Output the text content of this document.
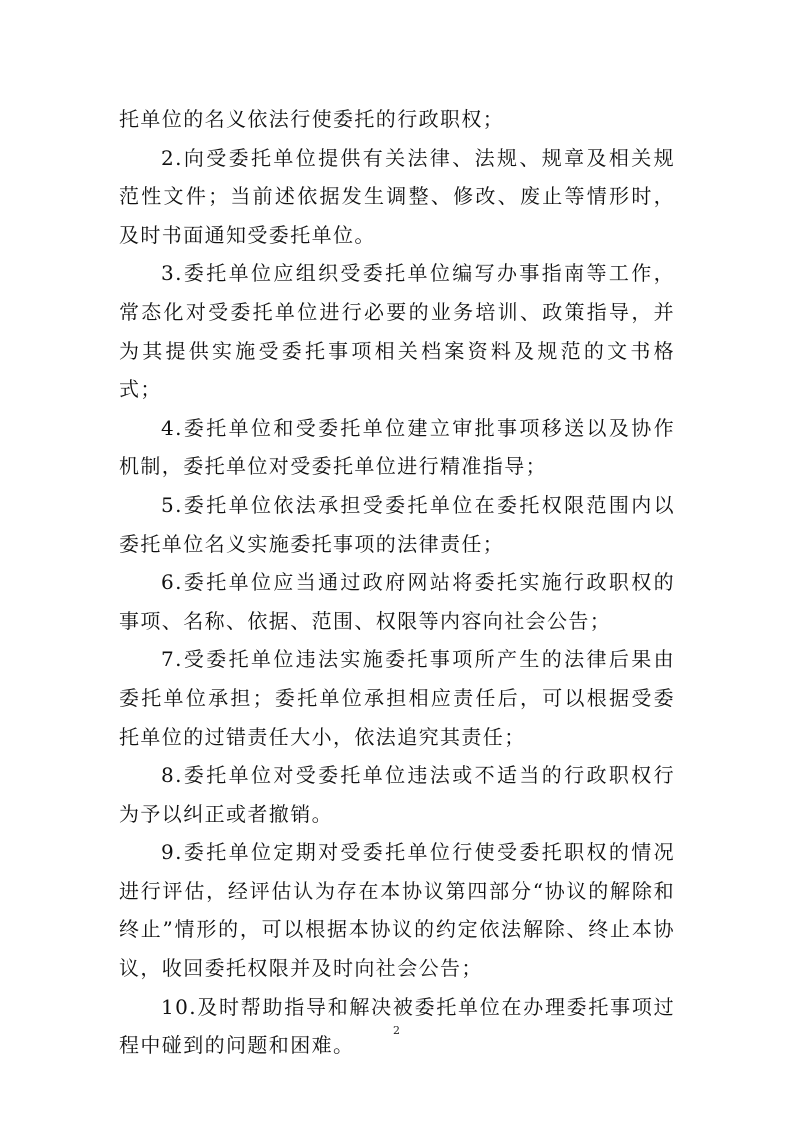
托单位的名义依法行使委托的行政职权；

2.向受委托单位提供有关法律、法规、规章及相关规范性文件；当前述依据发生调整、修改、废止等情形时，及时书面通知受委托单位。

3.委托单位应组织受委托单位编写办事指南等工作，常态化对受委托单位进行必要的业务培训、政策指导，并为其提供实施受委托事项相关档案资料及规范的文书格式；

4.委托单位和受委托单位建立审批事项移送以及协作机制，委托单位对受委托单位进行精准指导；

5.委托单位依法承担受委托单位在委托权限范围内以委托单位名义实施委托事项的法律责任；

6.委托单位应当通过政府网站将委托实施行政职权的事项、名称、依据、范围、权限等内容向社会公告；

7.受委托单位违法实施委托事项所产生的法律后果由委托单位承担；委托单位承担相应责任后，可以根据受委托单位的过错责任大小，依法追究其责任；

8.委托单位对受委托单位违法或不适当的行政职权行为予以纠正或者撤销。

9.委托单位定期对受委托单位行使受委托职权的情况进行评估，经评估认为存在本协议第四部分“协议的解除和终止”情形的，可以根据本协议的约定依法解除、终止本协议，收回委托权限并及时向社会公告；

10.及时帮助指导和解决被委托单位在办理委托事项过程中碰到的问题和困难。

2
